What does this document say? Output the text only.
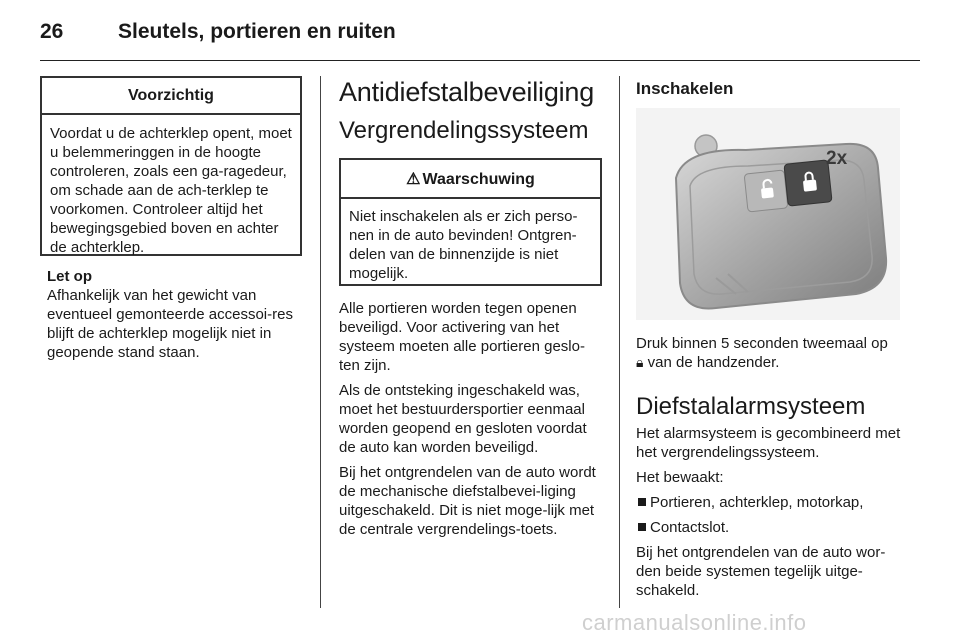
26	Sleutels, portieren en ruiten
Voorzichtig
Voordat u de achterklep opent, moet u belemmeringgen in de hoogte controleren, zoals een ga-ragedeur, om schade aan de ach-terklep te voorkomen. Controleer altijd het bewegingsgebied boven en achter de achterklep.
Let op

Afhankelijk van het gewicht van eventueel gemonteerde accessoi-res blijft de achterklep mogelijk niet in geopende stand staan.

Antidiefstalbeveiliging
Vergrendelingssysteem
⚠ Waarschuwing
Niet inschakelen als er zich perso-nen in de auto bevinden! Ontgren-delen van de binnenzijde is niet mogelijk.

Alle portieren worden tegen openen beveiligd. Voor activering van het systeem moeten alle portieren geslo-ten zijn.

Als de ontsteking ingeschakeld was, moet het bestuurdersportier eenmaal worden geopend en gesloten voordat de auto kan worden beveiligd.

Bij het ontgrendelen van de auto wordt de mechanische diefstalbevei-liging uitgeschakeld. Dit is niet moge-lijk met de centrale vergrendelings-toets.

Inschakelen
2x

Druk binnen 5 seconden tweemaal op
🔒︎ van de handzender.

Diefstalalarmsysteem

Het alarmsysteem is gecombineerd met het vergrendelingssysteem.

Het bewaakt:

Portieren, achterklep, motorkap,
Contactslot.

Bij het ontgrendelen van de auto wor-den beide systemen tegelijk uitge-schakeld.

carmanualsonline.info
